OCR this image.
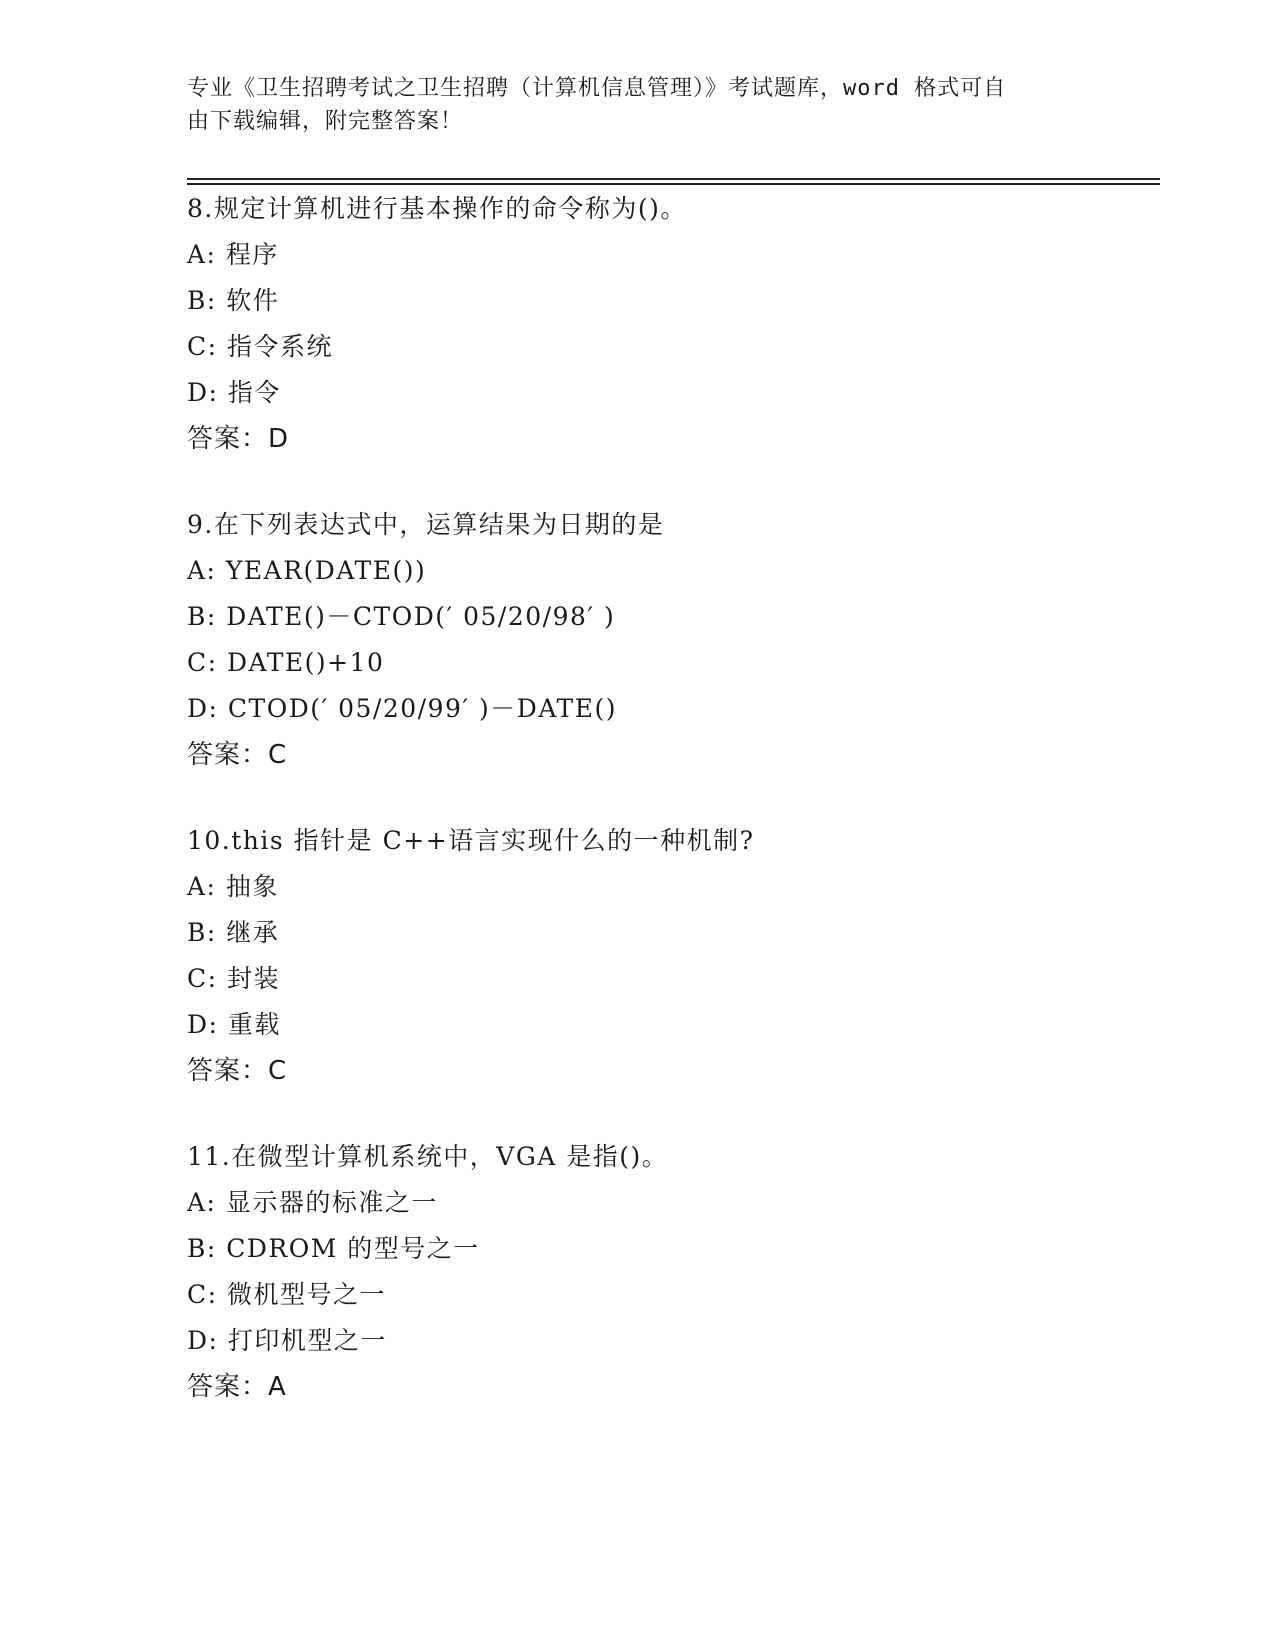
专业《卫生招聘考试之卫生招聘（计算机信息管理）》考试题库，word 格式可自
由下载编辑，附完整答案！
8.规定计算机进行基本操作的命令称为()。
A: 程序
B: 软件
C: 指令系统
D: 指令
答案：D
9.在下列表达式中，运算结果为日期的是
A: YEAR(DATE())
B: DATE()－CTOD(′ 05/20/98′ )
C: DATE()+10
D: CTOD(′ 05/20/99′ )－DATE()
答案：C
10.this 指针是 C++语言实现什么的一种机制?
A: 抽象
B: 继承
C: 封装
D: 重载
答案：C
11.在微型计算机系统中，VGA 是指()。
A: 显示器的标准之一
B: CDROM 的型号之一
C: 微机型号之一
D: 打印机型之一
答案：A
